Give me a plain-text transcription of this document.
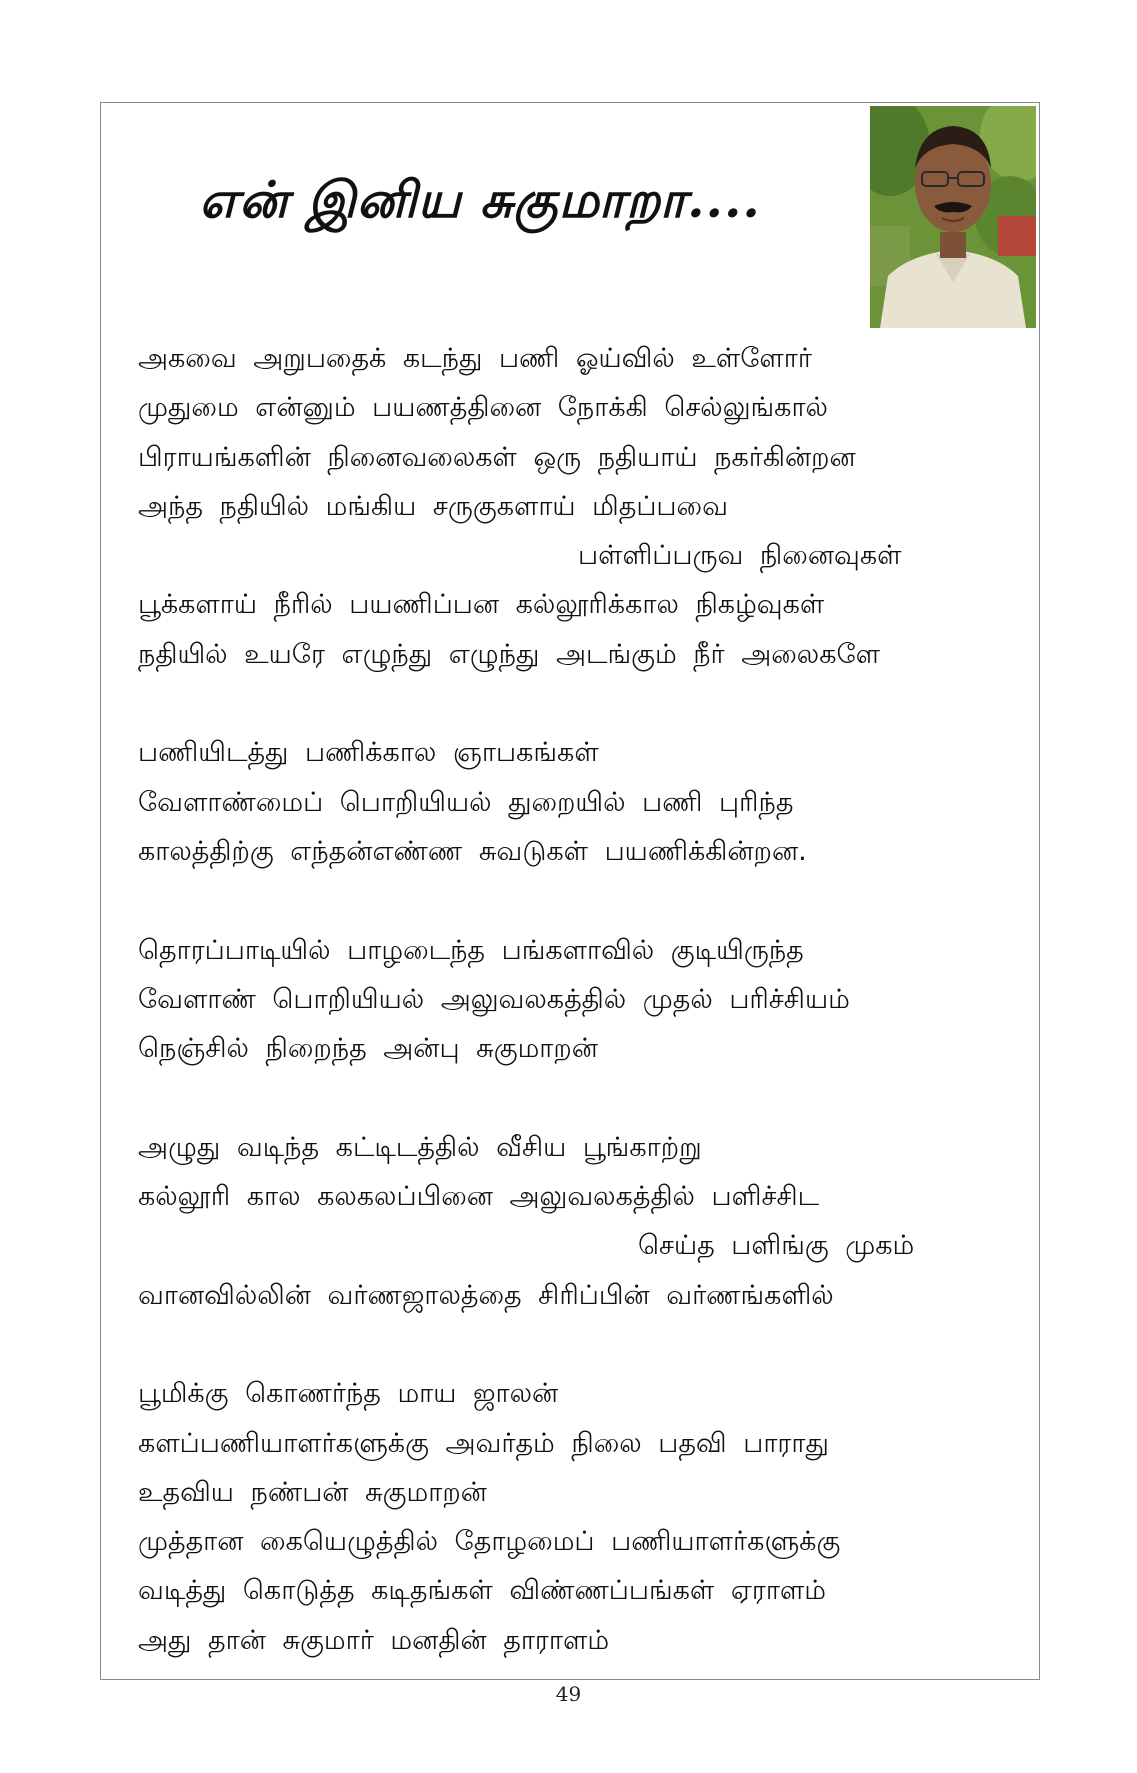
என் இனிய சுகுமாறா....
அகவை அறுபதைக் கடந்து பணி ஓய்வில் உள்ளோர்
முதுமை என்னும் பயணத்தினை நோக்கி செல்லுங்கால்
பிராயங்களின் நினைவலைகள் ஒரு நதியாய் நகர்கின்றன
அந்த நதியில் மங்கிய சருகுகளாய் மிதப்பவை
பள்ளிப்பருவ நினைவுகள்
பூக்களாய் நீரில் பயணிப்பன கல்லூரிக்கால நிகழ்வுகள்
நதியில் உயரே எழுந்து எழுந்து அடங்கும் நீர் அலைகளே
பணியிடத்து பணிக்கால ஞாபகங்கள்
வேளாண்மைப் பொறியியல் துறையில் பணி புரிந்த
காலத்திற்கு எந்தன்எண்ண சுவடுகள் பயணிக்கின்றன.
தொரப்பாடியில் பாழடைந்த பங்களாவில் குடியிருந்த
வேளாண் பொறியியல் அலுவலகத்தில் முதல் பரிச்சியம்
நெஞ்சில் நிறைந்த அன்பு சுகுமாறன்
அழுது வடிந்த கட்டிடத்தில் வீசிய பூங்காற்று
கல்லூரி கால கலகலப்பினை அலுவலகத்தில் பளிச்சிட
செய்த பளிங்கு முகம்
வானவில்லின் வர்ணஜாலத்தை சிரிப்பின் வர்ணங்களில்
பூமிக்கு கொணர்ந்த மாய ஜாலன்
களப்பணியாளர்களுக்கு அவர்தம் நிலை பதவி பாராது
உதவிய நண்பன் சுகுமாறன்
முத்தான கையெழுத்தில் தோழமைப் பணியாளர்களுக்கு
வடித்து கொடுத்த கடிதங்கள் விண்ணப்பங்கள் ஏராளம்
அது தான் சுகுமார் மனதின் தாராளம்
49
